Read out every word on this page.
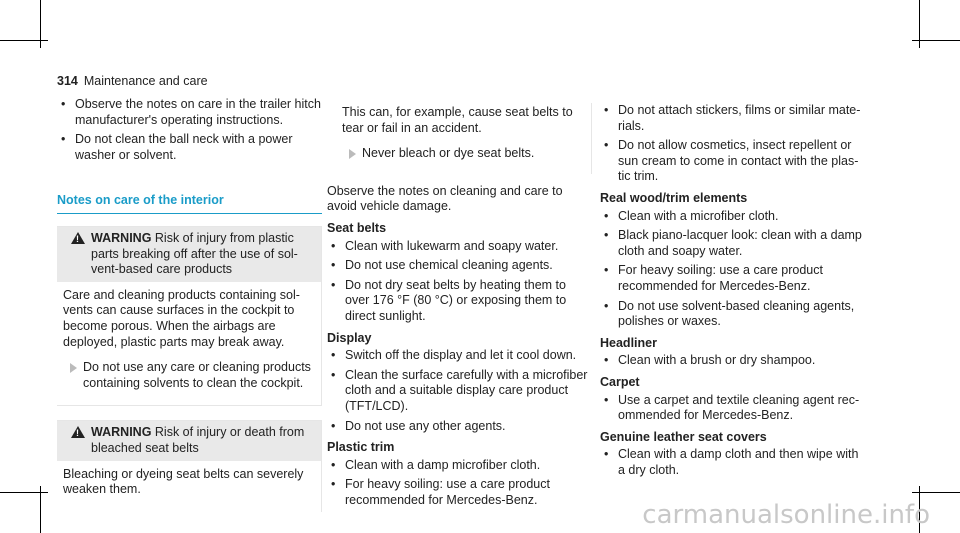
314 Maintenance and care
• Observe the notes on care in the trailer hitch manufacturer's operating instructions.
• Do not clean the ball neck with a power washer or solvent.
Notes on care of the interior
!
WARNING Risk of injury from plastic parts breaking off after the use of solvent-based care products

Care and cleaning products containing solvents can cause surfaces in the cockpit to become porous. When the airbags are deployed, plastic parts may break away.

Do not use any care or cleaning products containing solvents to clean the cockpit.
!
WARNING Risk of injury or death from bleached seat belts

Bleaching or dyeing seat belts can severely weaken them.

This can, for example, cause seat belts to tear or fail in an accident.

Never bleach or dye seat belts.

Observe the notes on cleaning and care to avoid vehicle damage.

Seat belts
• Clean with lukewarm and soapy water.
• Do not use chemical cleaning agents.
• Do not dry seat belts by heating them to over 176 °F (80 °C) or exposing them to direct sunlight.
Display
• Switch off the display and let it cool down.
• Clean the surface carefully with a microfiber cloth and a suitable display care product (TFT/LCD).
• Do not use any other agents.
Plastic trim
• Clean with a damp microfiber cloth.
• For heavy soiling: use a care product recommended for Mercedes-Benz.
• Do not attach stickers, films or similar materials.
• Do not allow cosmetics, insect repellent or sun cream to come in contact with the plastic trim.
Real wood/trim elements
• Clean with a microfiber cloth.
• Black piano-lacquer look: clean with a damp cloth and soapy water.
• For heavy soiling: use a care product recommended for Mercedes-Benz.
• Do not use solvent-based cleaning agents, polishes or waxes.
Headliner
• Clean with a brush or dry shampoo.
Carpet
• Use a carpet and textile cleaning agent recommended for Mercedes-Benz.
Genuine leather seat covers
• Clean with a damp cloth and then wipe with a dry cloth.
carmanualsonline.info
